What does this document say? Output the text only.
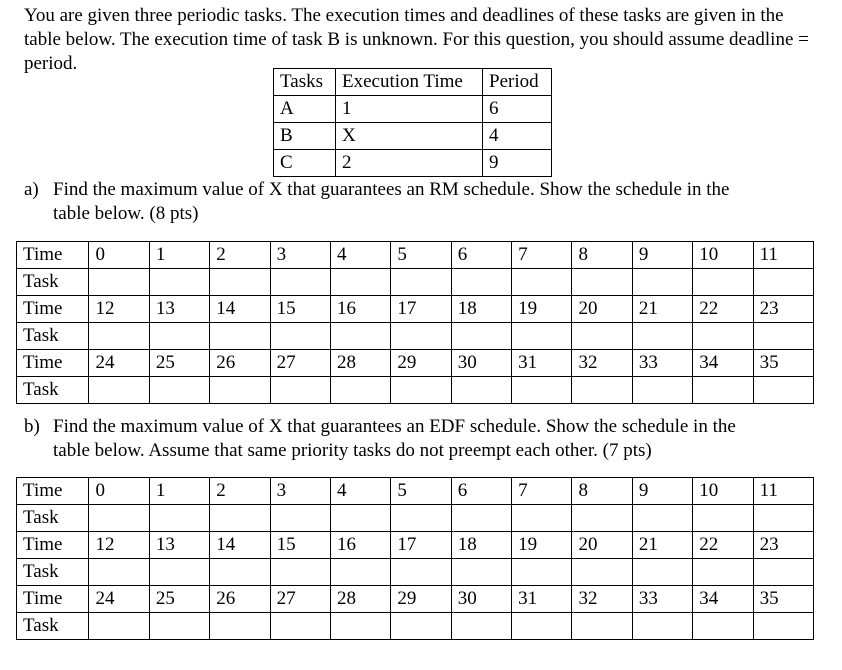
You are given three periodic tasks. The execution times and deadlines of these tasks are given in the table below. The execution time of task B is unknown. For this question, you should assume deadline = period.

Tasks	Execution Time	Period
A	1	6
B	X	4
C	2	9
a) Find the maximum value of X that guarantees an RM schedule. Show the schedule in the
table below. (8 pts)
Time	0	1	2	3	4	5	6	7	8	9	10	11
Task												
Time	12	13	14	15	16	17	18	19	20	21	22	23
Task												
Time	24	25	26	27	28	29	30	31	32	33	34	35
Task												
b) Find the maximum value of X that guarantees an EDF schedule. Show the schedule in the
table below. Assume that same priority tasks do not preempt each other. (7 pts)
Time	0	1	2	3	4	5	6	7	8	9	10	11
Task												
Time	12	13	14	15	16	17	18	19	20	21	22	23
Task												
Time	24	25	26	27	28	29	30	31	32	33	34	35
Task												
